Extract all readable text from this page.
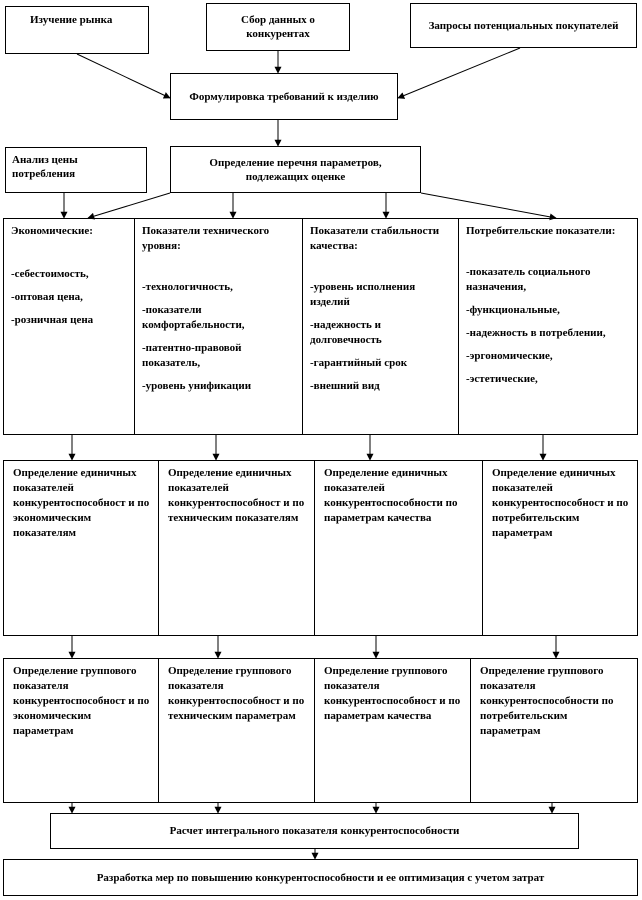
Изучение рынка	Сбор данных о конкурентах
Запросы потенциальных покупателей
Формулировка требований к изделию
Анализ цены потребления
Определение перечня параметров, подлежащих оценке
Экономические:
-себестоимость,
-оптовая цена,
-розничная цена
Показатели технического уровня:
-технологичность,
-показатели комфортабельности,
-патентно-правовой показатель,
-уровень унификации
Показатели стабильности качества:
-уровень исполнения изделий
-надежность и долговечность
-гарантийный срок
-внешний вид
Потребительские показатели:
-показатель социального назначения,
-функциональные,
-надежность в потреблении,
-эргономические,
-эстетические,
Определение единичных показателей конкурентоспособност и по экономическим показателям
Определение единичных показателей конкурентоспособност и по техническим показателям
Определение единичных показателей конкурентоспособности по параметрам качества
Определение единичных показателей конкурентоспособност и по потребительским параметрам
Определение группового показателя конкурентоспособност и по экономическим параметрам
Определение группового показателя конкурентоспособност и по техническим параметрам
Определение группового показателя конкурентоспособност и по параметрам качества
Определение группового показателя конкурентоспособности по потребительским параметрам
Расчет интегрального показателя конкурентоспособности
Разработка мер по повышению конкурентоспособности и ее оптимизация с учетом затрат
